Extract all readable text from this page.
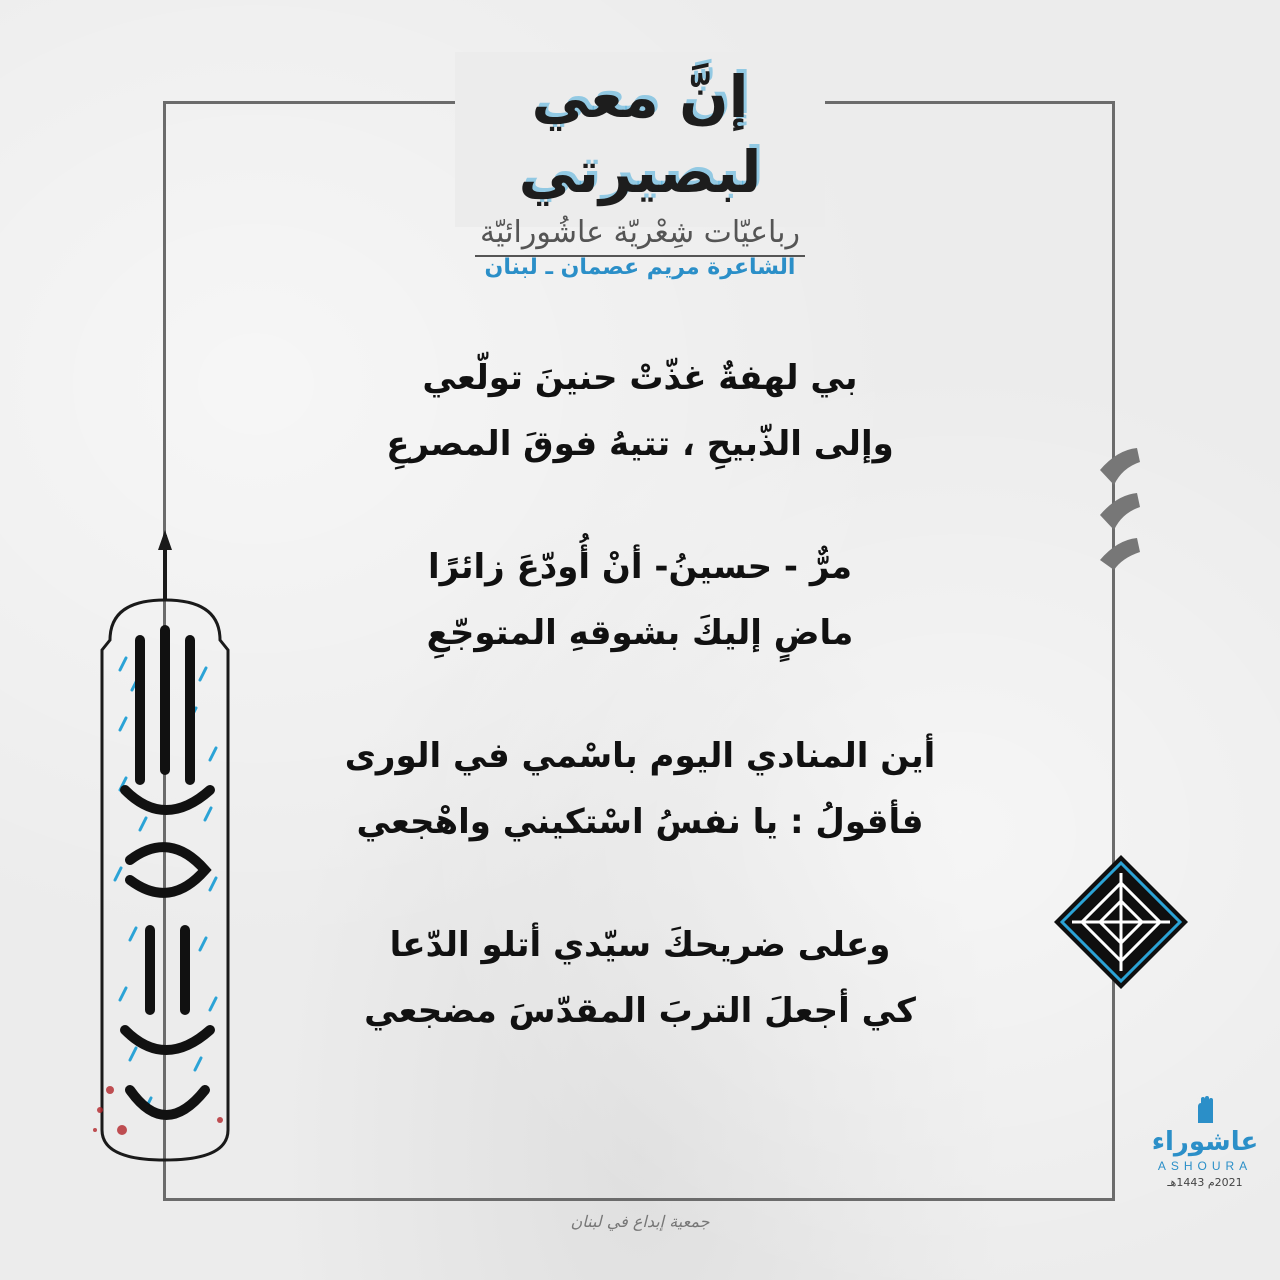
إنَّ معي لبصيرتي
رباعيّات شِعْريّة عاشُورائيّة
الشاعرة مريم عصمان ـ لبنان
بي لهفةٌ غذّتْ حنينَ تولّعي
وإلى الذّبيحِ ، تتيهُ فوقَ المصرعِ
مرٌّ - حسينُ- أنْ أُودّعَ زائرًا
ماضٍ إليكَ بشوقهِ المتوجّعِ
أين المنادي اليوم باسْمي في الورى
فأقولُ : يا نفسُ اسْتكيني واهْجعي
وعلى ضريحكَ سيّدي أتلو الدّعا
كي أجعلَ التربَ المقدّسَ مضجعي
عاشوراء
ASHOURA
2021م 1443هـ
جمعية إبداع في لبنان
